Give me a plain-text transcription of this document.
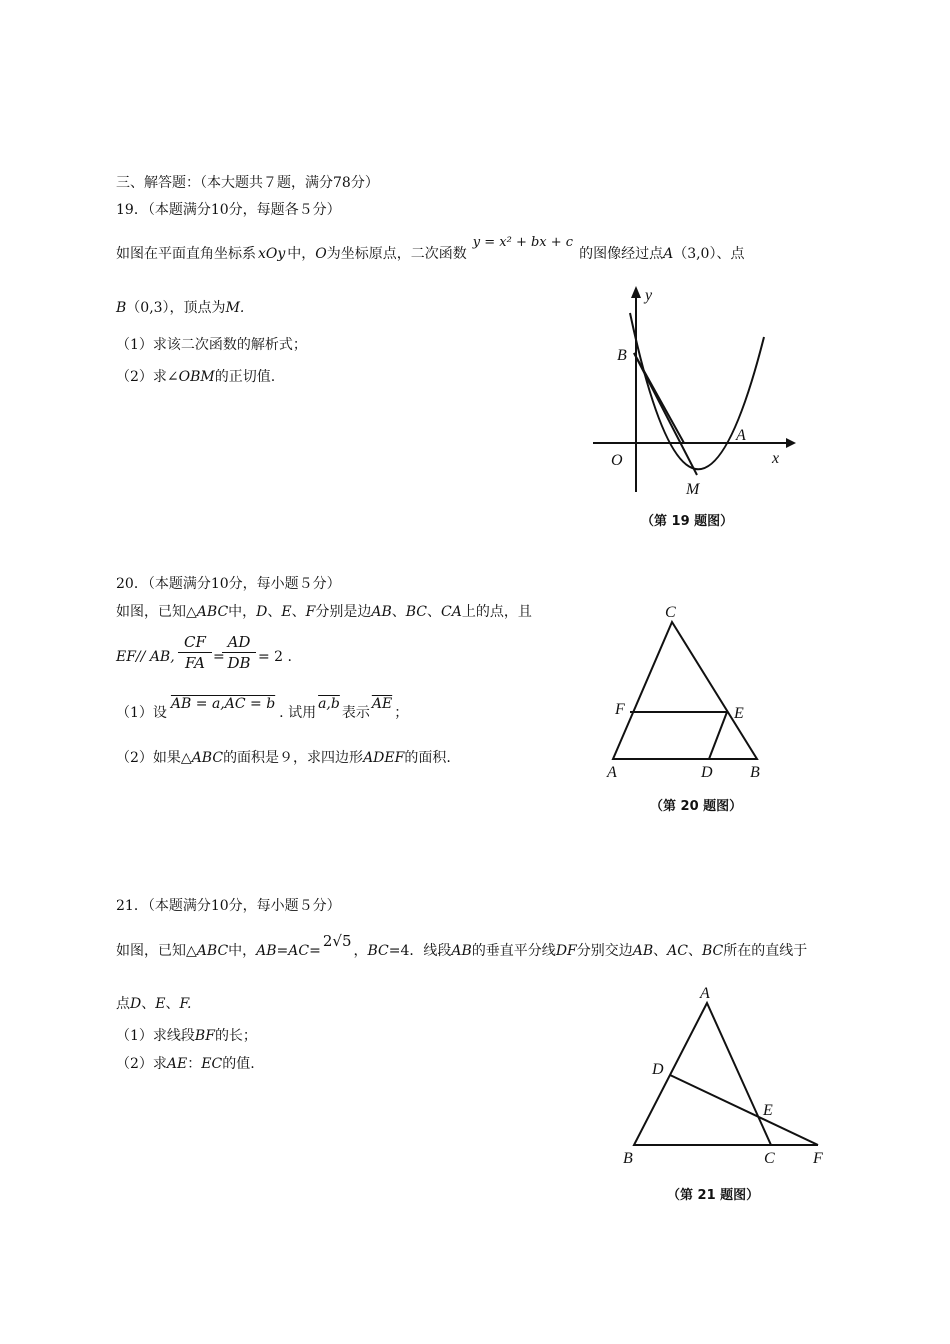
三、解答题：（本大题共７题，满分78分）
19．（本题满分10分，每题各５分）
如图在平面直角坐标系 xOy 中，O为坐标原点，二次函数y = x² + bx + c的图像经过点A（3,0）、点
B（0,3），顶点为M.
（1）求该二次函数的解析式；
（2）求∠OBM的正切值.
y
B
A
O	x
M
（第 19 题图）
20．（本题满分10分，每小题５分）
如图，已知△ABC中，D、E、F分别是边AB、BC、CA上的点，且
EF// AB,
CF
FA =
AD
DB = 2 .
（1）设AB = a,AC = b. 试用a,b表示$\overline{AE}$；
（2）如果△ABC的面积是９，求四边形ADEF的面积.
C
F	E
A	D B
（第 20 题图）
21．（本题满分10分，每小题５分）
如图，已知△ABC中，AB=AC=2√5，BC=4．线段AB的垂直平分线DF分别交边AB、AC、BC所在的直线于
点D、E、F.
（1）求线段BF的长；
（2）求AE：EC的值.
A
D
E
B	C F
（第 21 题图）
